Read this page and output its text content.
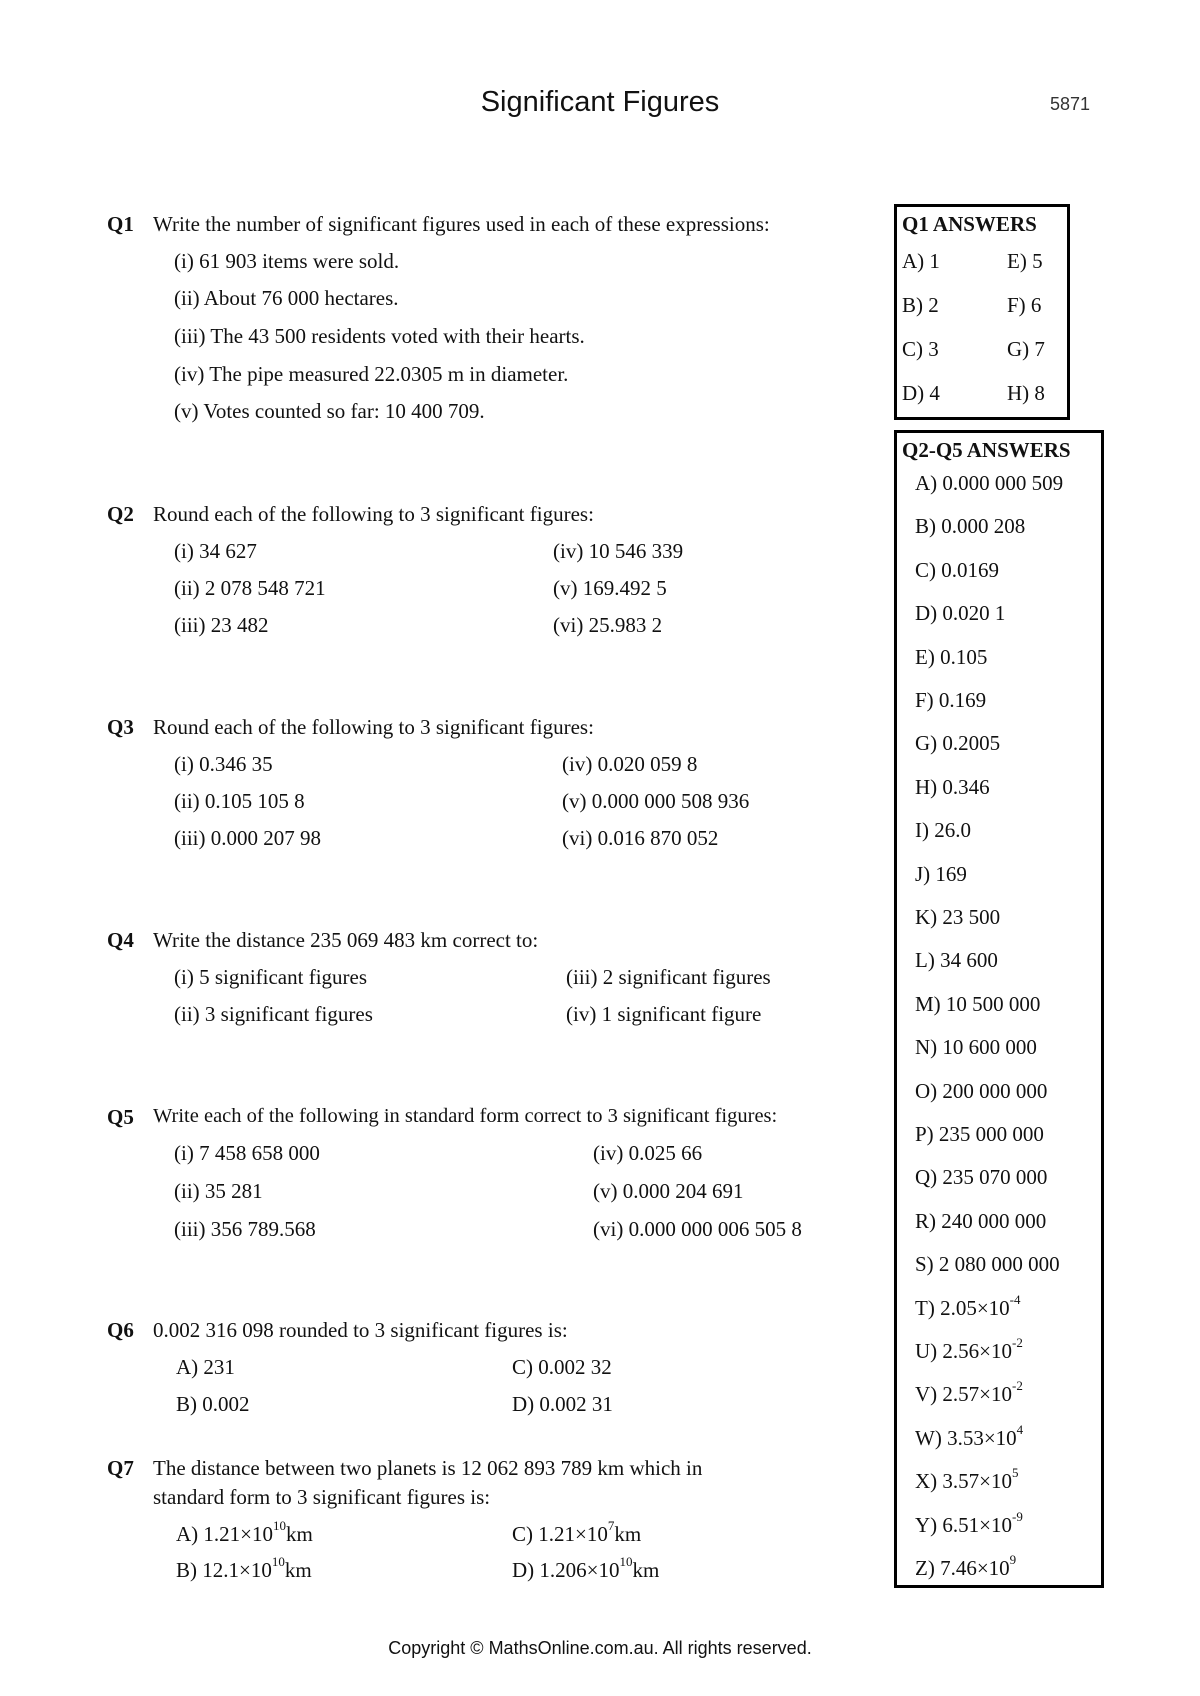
Significant Figures	5871
Q1 Write the number of significant figures used in each of these expressions:
(i) 61 903 items were sold.
(ii) About 76 000 hectares.
(iii) The 43 500 residents voted with their hearts.
(iv) The pipe measured 22.0305 m in diameter.
(v) Votes counted so far: 10 400 709.
Q2 Round each of the following to 3 significant figures:
(i) 34 627
(ii) 2 078 548 721
(iii) 23 482
(iv) 10 546 339
(v) 169.492 5
(vi) 25.983 2
Q3 Round each of the following to 3 significant figures:
(i) 0.346 35
(ii) 0.105 105 8
(iii) 0.000 207 98
(iv) 0.020 059 8
(v) 0.000 000 508 936
(vi) 0.016 870 052
Q4 Write the distance 235 069 483 km correct to:
(i) 5 significant figures
(ii) 3 significant figures
(iii) 2 significant figures
(iv) 1 significant figure
Q5 Write each of the following in standard form correct to 3 significant figures:
(i) 7 458 658 000
(ii) 35 281
(iii) 356 789.568
(iv) 0.025 66
(v) 0.000 204 691
(vi) 0.000 000 006 505 8
Q6 0.002 316 098 rounded to 3 significant figures is:
A) 231
B) 0.002
C) 0.002 32
D) 0.002 31
Q7 The distance between two planets is 12 062 893 789 km which in
standard form to 3 significant figures is:
A) $1.21\times 10^{10}km$
B) $12.1\times 10^{10}km$
C) $1.21\times 10^7km$
D) $1.206\times 10^{10}km$
Q1 ANSWERS
A) 1
B) 2
C) 3
D) 4
E) 5
F) 6
G) 7
H) 8
Q2-Q5 ANSWERS
A) 0.000 000 509
B) 0.000 208
C) 0.0169
D) 0.020 1
E) 0.105
F) 0.169
G) 0.2005
H) 0.346
I) 26.0
J) 169
K) 23 500
L) 34 600
M) 10 500 000
N) 10 600 000
O) 200 000 000
P) 235 000 000
Q) 235 070 000
R) 240 000 000
S) 2 080 000 000
T) $2.05\times 10^{-4}$
U) $2.56\times 10^{-2}$
V) $2.57\times 10^{-2}$
W) $3.53\times 10^4$
X) $3.57\times 10^5$
Y) $6.51\times 10^{-9}$
Z) $7.46\times 10^9$
Copyright © MathsOnline.com.au. All rights reserved.
